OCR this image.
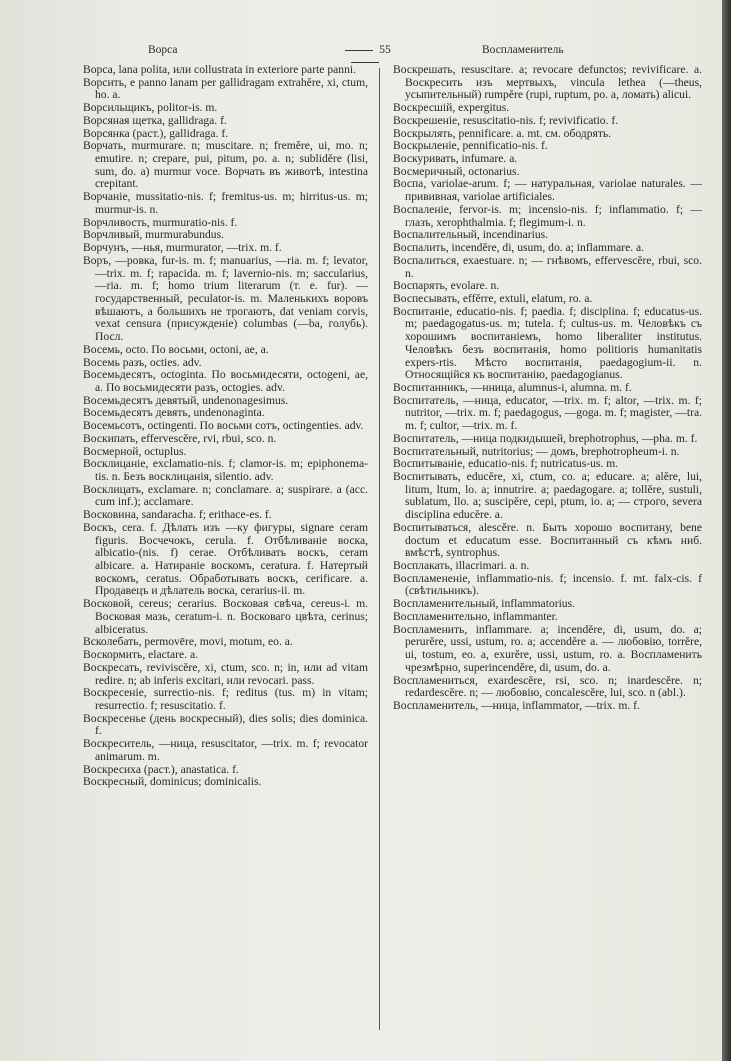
Ворса	55	Воспламенитель

Ворса, lana polita, или collustrata in exteriore parte panni.

Ворсить, e panno lanam per gallidragam extrahĕre, xi, ctum, ho. a.

Ворсильщикъ, politor-is. m.

Ворсяная щетка, gallidraga. f.

Ворсянка (раст.), gallidraga. f.

Ворчать, murmurare. n; muscitare. n; fremĕre, ui, mo. n; emutire. n; crepare, pui, pitum, po. a. n; sublidĕre (lisi, sum, do. a) murmur voce. Ворчать въ животѣ, intestina crepitant.

Ворчаніе, mussitatio-nis. f; fremitus-us. m; hirritus-us. m; murmur-is. n.

Ворчливость, murmuratio-nis. f.

Ворчливый, murmurabundus.

Ворчунъ, —нья, murmurator, —trix. m. f.

Воръ, —ровка, fur-is. m. f; manuarius, —ria. m. f; levator, —trix. m. f; rapacida. m. f; lavernio-nis. m; saccularius, —ria. m. f; homo trium literarum (т. е. fur). — государственный, peculator-is. m. Маленькихъ воровъ вѣшаютъ, а большихъ не трогаютъ, dat veniam corvis, vexat censura (присужденіе) columbas (—ba, голубь). Посл.

Восемь, octo. По восьми, octoni, ae, a.

Восемь разъ, octies. adv.

Восемьдесятъ, octoginta. По восьмидесяти, octogeni, ae, a. По восьмидесяти разъ, octogies. adv.

Восемьдесятъ девятый, undenonagesimus.

Восемьдесятъ девять, undenonaginta.

Восемьсотъ, octingenti. По восьми сотъ, octingenties. adv.

Воскипать, effervescĕre, rvi, rbui, sco. n.

Восмерной, octuplus.

Восклицаніе, exclamatio-nis. f; clamor-is. m; epiphonema-tis. n. Безъ восклицанія, silentio. adv.

Восклицать, exclamare. n; conclamare. a; suspirare. a (acc. cum inf.); acclamare.

Восковина, sandaracha. f; erithace-es. f.

Воскъ, cera. f. Дѣлать изъ —ку фигуры, signare ceram figuris. Восчечокъ, cerula. f. Отбѣливаніе воска, albicatio-(nis. f) cerae. Отбѣливать воскъ, ceram albicare. a. Натираніе воскомъ, ceratura. f. Натертый воскомъ, ceratus. Обработывать воскъ, cerificare. a. Продавецъ и дѣлатель воска, cerarius-ii. m.

Восковой, cereus; cerarius. Восковая свѣча, cereus-i. m. Восковая мазь, ceratum-i. n. Восковаго цвѣта, cerinus; albiceratus.

Всколебать, permovēre, movi, motum, eo. a.

Воскормить, elactare. a.

Воскресать, reviviscĕre, xi, ctum, sco. n; in, или ad vitam redire. n; ab inferis excitari, или revocari. pass.

Воскресеніе, surrectio-nis. f; reditus (tus. m) in vitam; resurrectio. f; resuscitatio. f.

Воскресенье (день воскресный), dies solis; dies dominica. f.

Воскреситель, —ница, resuscitator, —trix. m. f; revocator animarum. m.

Воскресиха (раст.), anastatica. f.

Воскресный, dominicus; dominicalis.

Воскрешать, resuscitare. a; revocare defunctos; revivificare. a. Воскресить изъ мертвыхъ, vincula lethea (—theus, усыпительный) rumpĕre (rupi, ruptum, po. a, ломать) alicui.

Воскресшій, expergitus.

Воскрешеніе, resuscitatio-nis. f; revivificatio. f.

Воскрылять, pennificare. a. mt. см. ободрять.

Воскрыленіе, pennificatio-nis. f.

Воскуривать, infumare. a.

Восмеричный, octonarius.

Воспа, variolae-arum. f; — натуральная, variolae naturales. — прививная, variolae artificiales.

Воспаленіе, fervor-is. m; incensio-nis. f; inflammatio. f; — глазъ, xerophthalmia. f; flegimum-i. n.

Воспалительный, incendinarius.

Воспалить, incendĕre, di, usum, do. a; inflammare. a.

Воспалиться, exaestuare. n; — гнѣвомъ, effervescĕre, rbui, sco. n.

Воспарять, evolare. n.

Воспесывать, effĕrre, extuli, elatum, ro. a.

Воспитаніе, educatio-nis. f; paedia. f; disciplina. f; educatus-us. m; paedagogatus-us. m; tutela. f; cultus-us. m. Человѣкъ съ хорошимъ воспитаніемъ, homo liberaliter institutus. Человѣкъ безъ воспитанія, homo politioris humanitatis expers-rtis. Мѣсто воспитанія, paedagogium-ii. n. Относящійся къ воспитанію, paedagogianus.

Воспитанникъ, —нница, alumnus-i, alumna. m. f.

Воспитатель, —ница, educator, —trix. m. f; altor, —trix. m. f; nutritor, —trix. m. f; paedagogus, —goga. m. f; magister, —tra. m. f; cultor, —trix. m. f.

Воспитатель, —ница подкидышей, brephotrophus, —pha. m. f.

Воспитательный, nutritorius; — домъ, brephotropheum-i. n.

Воспитываніе, educatio-nis. f; nutricatus-us. m.

Воспитывать, educĕre, xi, ctum, co. a; educare. a; alĕre, lui, litum, ltum, lo. a; innutrire. a; paedagogare. a; tollĕre, sustuli, sublatum, llo. a; suscipĕre, cepi, ptum, io. a; — строго, severa disciplina educĕre. a.

Воспитываться, alescĕre. n. Быть хорошо воспитану, bene doctum et educatum esse. Воспитанный съ кѣмъ ниб. вмѣстѣ, syntrophus.

Восплакать, illacrimari. a. n.

Воспламененіе, inflammatio-nis. f; incensio. f. mt. falx-cis. f (свѣтильникъ).

Воспламенительный, inflammatorius.

Воспламенительно, inflammanter.

Воспламенить, inflammare. a; incendĕre, di, usum, do. a; perurĕre, ussi, ustum, ro. a; accendĕre a. — любовію, torrĕre, ui, tostum, eo. a, exurĕre, ussi, ustum, ro. a. Воспламенить чрезмѣрно, superincendĕre, di, usum, do. a.

Воспламениться, exardescĕre, rsi, sco. n; inardescĕre. n; redardescĕre. n; — любовію, concalescĕre, lui, sco. n (abl.).

Воспламенитель, —ница, inflammator, —trix. m. f.
